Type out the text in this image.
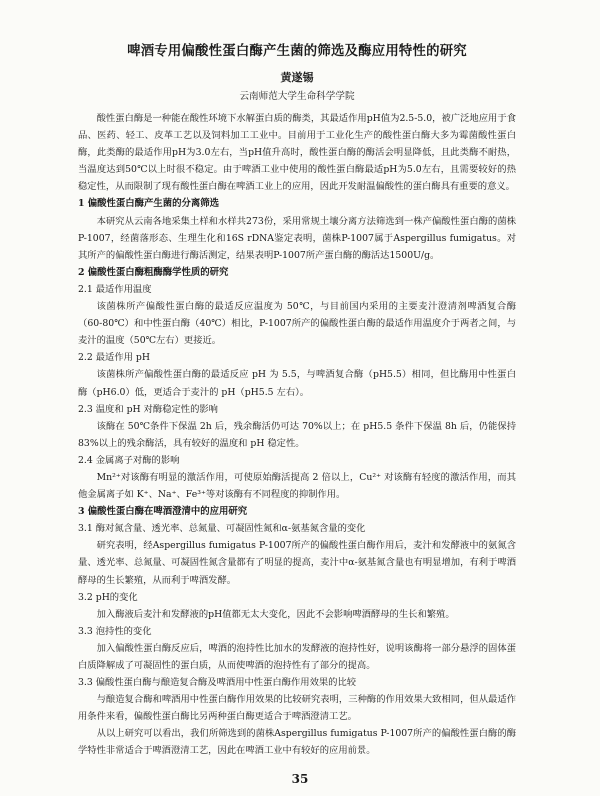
啤酒专用偏酸性蛋白酶产生菌的筛选及酶应用特性的研究
黄遂锡
云南师范大学生命科学学院

酸性蛋白酶是一种能在酸性环境下水解蛋白质的酶类，其最适作用pH值为2.5-5.0，被广泛地应用于食品、医药、轻工、皮革工艺以及饲料加工工业中。目前用于工业化生产的酸性蛋白酶大多为霉菌酸性蛋白酶，此类酶的最适作用pH为3.0左右，当pH值升高时，酸性蛋白酶的酶活会明显降低，且此类酶不耐热，当温度达到50℃以上时很不稳定。由于啤酒工业中使用的酸性蛋白酶最适pH为5.0左右，且需要较好的热稳定性，从而限制了现有酸性蛋白酶在啤酒工业上的应用，因此开发耐温偏酸性的蛋白酶具有重要的意义。

1 偏酸性蛋白酶产生菌的分离筛选

本研究从云南各地采集土样和水样共273份，采用常规土壤分离方法筛选到一株产偏酸性蛋白酶的菌株P-1007，经菌落形态、生理生化和16S rDNA鉴定表明，菌株P-1007属于Aspergillus fumigatus。对其所产的偏酸性蛋白酶进行酶活测定，结果表明P-1007所产蛋白酶的酶活达1500U/g。

2 偏酸性蛋白酶粗酶酶学性质的研究

2.1 最适作用温度

该菌株所产偏酸性蛋白酶的最适反应温度为 50℃，与目前国内采用的主要麦汁澄清剂啤酒复合酶（60-80℃）和中性蛋白酶（40℃）相比，P-1007所产的偏酸性蛋白酶的最适作用温度介于两者之间，与麦汁的温度（50℃左右）更接近。

2.2 最适作用 pH

该菌株所产偏酸性蛋白酶的最适反应 pH 为 5.5，与啤酒复合酶（pH5.5）相同，但比酶用中性蛋白酶（pH6.0）低，更适合于麦汁的 pH（pH5.5 左右）。

2.3 温度和 pH 对酶稳定性的影响

该酶在 50℃条件下保温 2h 后，残余酶活仍可达 70%以上；在 pH5.5 条件下保温 8h 后，仍能保持 83%以上的残余酶活，具有较好的温度和 pH 稳定性。

2.4 金属离子对酶的影响

Mn²⁺对该酶有明显的激活作用，可使原始酶活提高 2 倍以上，Cu²⁺ 对该酶有轻度的激活作用，而其他金属离子如 K⁺、Na⁺、Fe³⁺等对该酶有不同程度的抑制作用。

3 偏酸性蛋白酶在啤酒澄清中的应用研究

3.1 酶对氮含量、透光率、总氮量、可凝固性氮和α-氨基氮含量的变化

研究表明，经Aspergillus fumigatus P-1007所产的偏酸性蛋白酶作用后，麦汁和发酵液中的氨氮含量、透光率、总氮量、可凝固性氮含量都有了明显的提高，麦汁中α-氨基氮含量也有明显增加，有利于啤酒酵母的生长繁殖，从而利于啤酒发酵。

3.2 pH的变化

加入酶液后麦汁和发酵液的pH值都无太大变化，因此不会影响啤酒酵母的生长和繁殖。

3.3 泡持性的变化

加入偏酸性蛋白酶反应后，啤酒的泡持性比加水的发酵液的泡持性好，说明该酶将一部分悬浮的固体蛋白质降解成了可凝固性的蛋白质，从而使啤酒的泡持性有了部分的提高。

3.3 偏酸性蛋白酶与酿造复合酶及啤酒用中性蛋白酶作用效果的比较

与酿造复合酶和啤酒用中性蛋白酶作用效果的比较研究表明，三种酶的作用效果大致相同，但从最适作用条件来看，偏酸性蛋白酶比另两种蛋白酶更适合于啤酒澄清工艺。

从以上研究可以看出，我们所筛选到的菌株Aspergillus fumigatus P-1007所产的偏酸性蛋白酶的酶学特性非常适合于啤酒澄清工艺，因此在啤酒工业中有较好的应用前景。

35
